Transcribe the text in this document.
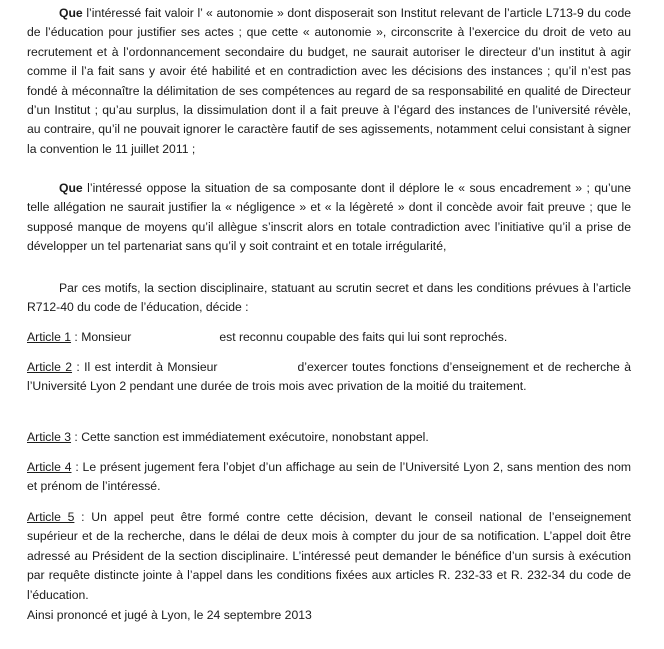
Que l’intéressé fait valoir l’ « autonomie » dont disposerait son Institut relevant de l’article L713-9 du code de l’éducation pour justifier ses actes ; que cette « autonomie », circonscrite à l’exercice du droit de veto au recrutement et à l’ordonnancement secondaire du budget, ne saurait autoriser le directeur d’un institut à agir comme il l’a fait sans y avoir été habilité et en contradiction avec les décisions des instances ; qu’il n’est pas fondé à méconnaître la délimitation de ses compétences au regard de sa responsabilité en qualité de Directeur d’un Institut ; qu’au surplus, la dissimulation dont il a fait preuve à l’égard des instances de l’université révèle, au contraire, qu’il ne pouvait ignorer le caractère fautif de ses agissements, notamment celui consistant à signer la convention le 11 juillet 2011 ;

Que l’intéressé oppose la situation de sa composante dont il déplore le « sous encadrement » ; qu’une telle allégation ne saurait justifier la « négligence » et « la légèreté » dont il concède avoir fait preuve ; que le supposé manque de moyens qu’il allègue s’inscrit alors en totale contradiction avec l’initiative qu’il a prise de développer un tel partenariat sans qu’il y soit contraint et en totale irrégularité,

Par ces motifs, la section disciplinaire, statuant au scrutin secret et dans les conditions prévues à l’article R712-40 du code de l’éducation, décide :

Article 1 : Monsieur	est reconnu coupable des faits qui lui sont reprochés.

Article 2 : Il est interdit à Monsieur	d’exercer toutes fonctions d’enseignement et de recherche à l’Université Lyon 2 pendant une durée de trois mois avec privation de la moitié du traitement.

Article 3 : Cette sanction est immédiatement exécutoire, nonobstant appel.

Article 4 : Le présent jugement fera l’objet d’un affichage au sein de l’Université Lyon 2, sans mention des nom et prénom de l’intéressé.

Article 5 : Un appel peut être formé contre cette décision, devant le conseil national de l’enseignement supérieur et de la recherche, dans le délai de deux mois à compter du jour de sa notification. L’appel doit être adressé au Président de la section disciplinaire. L’intéressé peut demander le bénéfice d’un sursis à exécution par requête distincte jointe à l’appel dans les conditions fixées aux articles R. 232-33 et R. 232-34 du code de l’éducation.

Ainsi prononcé et jugé à Lyon, le 24 septembre 2013
